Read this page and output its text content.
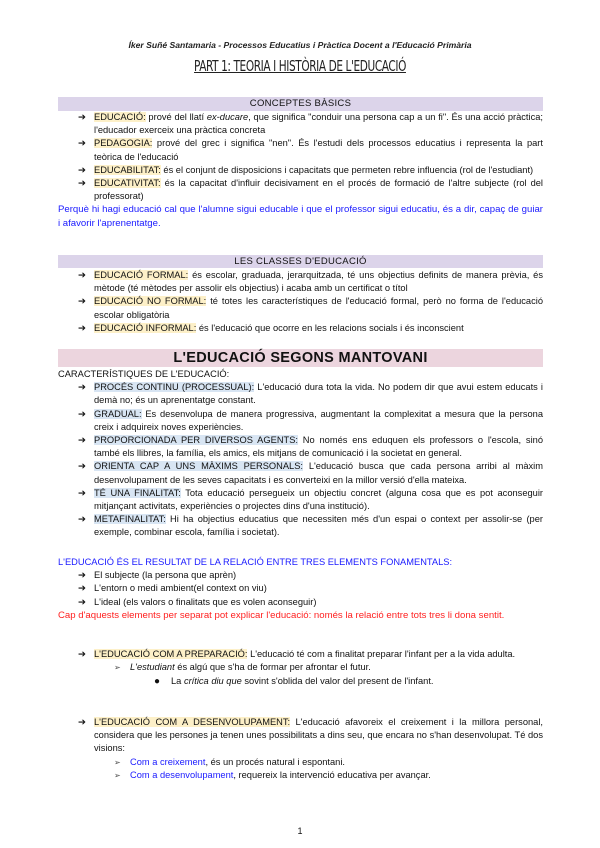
Íker Suñé Santamaria - Processos Educatius i Pràctica Docent a l'Educació Primària
PART 1: TEORIA I HISTÒRIA DE L'EDUCACIÓ
CONCEPTES BÀSICS
➔ EDUCACIÓ: prové del llatí ex-ducare, que significa "conduir una persona cap a un fi". És una acció pràctica; l'educador exerceix una pràctica concreta
➔ PEDAGOGIA: prové del grec i significa "nen". És l'estudi dels processos educatius i representa la part teòrica de l'educació
➔ EDUCABILITAT: és el conjunt de disposicions i capacitats que permeten rebre influencia (rol de l'estudiant)
➔ EDUCATIVITAT: és la capacitat d'influir decisivament en el procés de formació de l'altre subjecte (rol del professorat)
Perquè hi hagi educació cal que l'alumne sigui educable i que el professor sigui educatiu, és a dir, capaç de guiar i afavorir l'aprenentatge.
LES CLASSES D'EDUCACIÓ
➔ EDUCACIÓ FORMAL: és escolar, graduada, jerarquitzada, té uns objectius definits de manera prèvia, és mètode (té mètodes per assolir els objectius) i acaba amb un certificat o títol
➔ EDUCACIÓ NO FORMAL: té totes les característiques de l'educació formal, però no forma de l'educació escolar obligatòria
➔ EDUCACIÓ INFORMAL: és l'educació que ocorre en les relacions socials i és inconscient
L'EDUCACIÓ SEGONS MANTOVANI
CARACTERÍSTIQUES DE L'EDUCACIÓ:
➔ PROCÉS CONTINU (PROCESSUAL): L'educació dura tota la vida. No podem dir que avui estem educats i demà no; és un aprenentatge constant.
➔ GRADUAL: Es desenvolupa de manera progressiva, augmentant la complexitat a mesura que la persona creix i adquireix noves experiències.
➔ PROPORCIONADA PER DIVERSOS AGENTS: No només ens eduquen els professors o l'escola, sinó també els llibres, la família, els amics, els mitjans de comunicació i la societat en general.
➔ ORIENTA CAP A UNS MÀXIMS PERSONALS: L'educació busca que cada persona arribi al màxim desenvolupament de les seves capacitats i es converteixi en la millor versió d'ella mateixa.
➔ TÉ UNA FINALITAT: Tota educació persegueix un objectiu concret (alguna cosa que es pot aconseguir mitjançant activitats, experiències o projectes dins d'una institució).
➔ METAFINALITAT: Hi ha objectius educatius que necessiten més d'un espai o context per assolir-se (per exemple, combinar escola, família i societat).
L'EDUCACIÓ ÉS EL RESULTAT DE LA RELACIÓ ENTRE TRES ELEMENTS FONAMENTALS:
➔ El subjecte (la persona que aprèn)
➔ L'entorn o medi ambient(el context on viu)
➔ L'ideal (els valors o finalitats que es volen aconseguir)
Cap d'aquests elements per separat pot explicar l'educació: només la relació entre tots tres li dona sentit.
➔ L'EDUCACIÓ COM A PREPARACIÓ: L'educació té com a finalitat preparar l'infant per a la vida adulta.
➢ L'estudiant és algú que s'ha de formar per afrontar el futur.
● La crítica diu que sovint s'oblida del valor del present de l'infant.
➔ L'EDUCACIÓ COM A DESENVOLUPAMENT: L'educació afavoreix el creixement i la millora personal, considera que les persones ja tenen unes possibilitats a dins seu, que encara no s'han desenvolupat. Té dos visions:
➢ Com a creixement, és un procés natural i espontani.
➢ Com a desenvolupament, requereix la intervenció educativa per avançar.
1
